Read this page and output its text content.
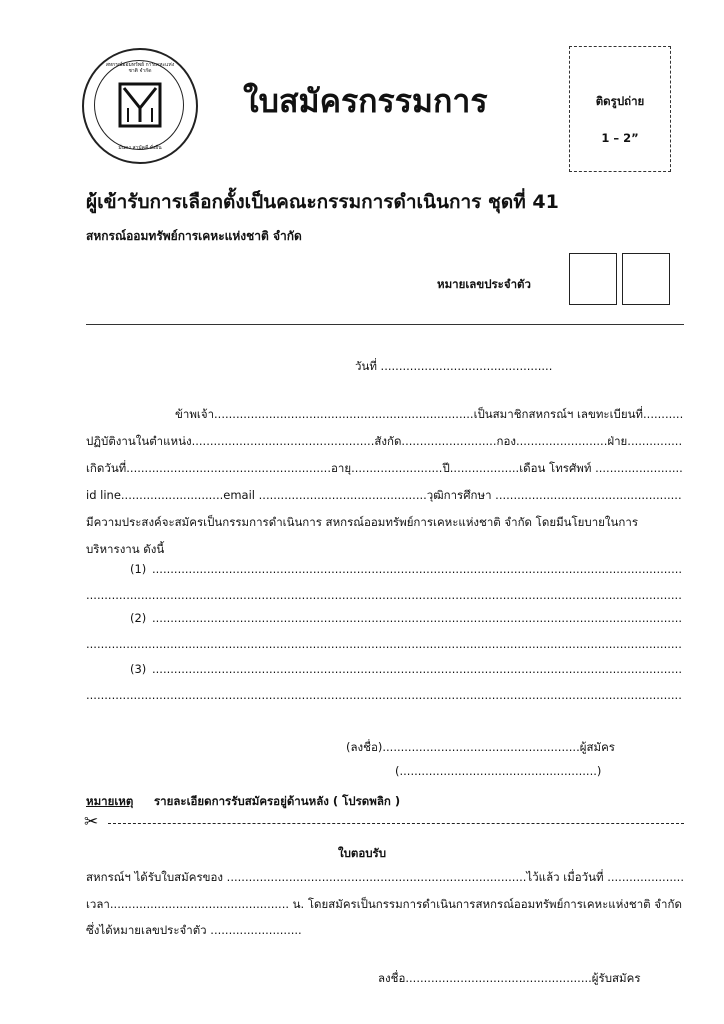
สหกรณ์ออมทรัพย์ การเคหะแห่งชาติ จำกัด
มั่นคง สามัคคี ยั่งยืน
ใบสมัครกรรมการ	ติดรูปถ่าย
1 – 2”
ผู้เข้ารับการเลือกตั้งเป็นคณะกรรมการดำเนินการ ชุดที่ 41
สหกรณ์ออมทรัพย์การเคหะแห่งชาติ จำกัด
หมายเลขประจำตัว
วันที่ ...............................................
ข้าพเจ้า.......................................................................เป็นสมาชิกสหกรณ์ฯ เลขทะเบียนที่...........
ปฏิบัติงานในตำแหน่ง..................................................สังกัด..........................กอง.........................ฝ่าย...............
เกิดวันที่........................................................อายุ.........................ปี...................เดือน โทรศัพท์ ........................
id line............................email ..............................................วุฒิการศึกษา ...................................................
มีความประสงค์จะสมัครเป็นกรรมการดำเนินการ สหกรณ์ออมทรัพย์การเคหะแห่งชาติ จำกัด โดยมีนโยบายในการ
บริหารงาน ดังนี้
(1) .................................................................................................................................................
...................................................................................................................................................................
(2) .................................................................................................................................................
...................................................................................................................................................................
(3) .................................................................................................................................................
...................................................................................................................................................................
(ลงชื่อ)......................................................ผู้สมัคร
(......................................................)
หมายเหตุ รายละเอียดการรับสมัครอยู่ด้านหลัง ( โปรดพลิก )
✂
ใบตอบรับ
สหกรณ์ฯ ได้รับใบสมัครของ ..................................................................................ไว้แล้ว เมื่อวันที่ .....................
เวลา................................................. น. โดยสมัครเป็นกรรมการดำเนินการสหกรณ์ออมทรัพย์การเคหะแห่งชาติ จำกัด
ซึ่งได้หมายเลขประจำตัว .........................
ลงชื่อ...................................................ผู้รับสมัคร
